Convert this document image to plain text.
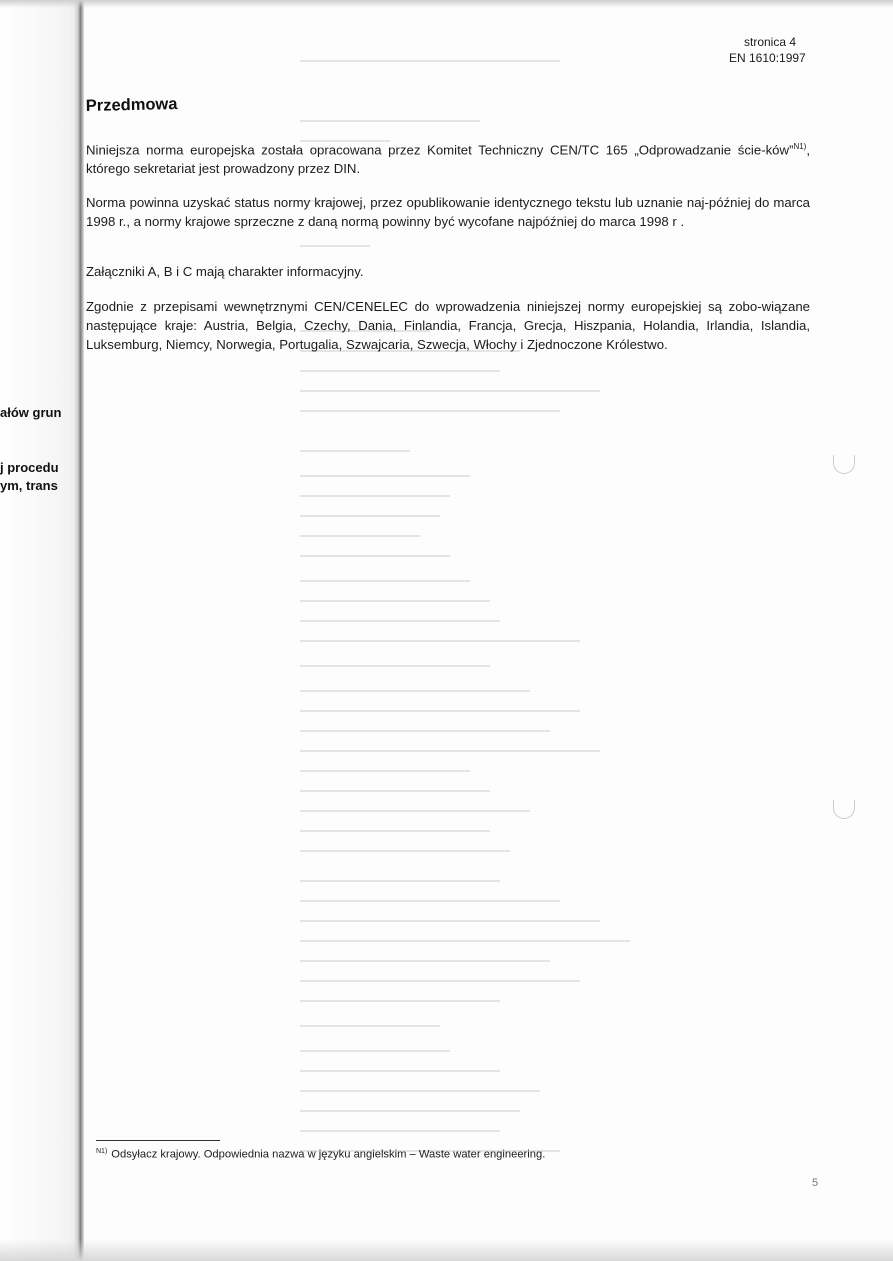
ałów grun
j procedu
ym, trans
stronica 4
EN 1610:1997
Przedmowa
Niniejsza norma europejska została opracowana przez Komitet Techniczny CEN/TC 165 „Odprowadzanie ście-ków”$^{N1)}$, którego sekretariat jest prowadzony przez DIN.
Norma powinna uzyskać status normy krajowej, przez opublikowanie identycznego tekstu lub uznanie naj-później do marca 1998 r., a normy krajowe sprzeczne z daną normą powinny być wycofane najpóźniej do marca 1998 r .
Załączniki A, B i C mają charakter informacyjny.
Zgodnie z przepisami wewnętrznymi CEN/CENELEC do wprowadzenia niniejszej normy europejskiej są zobo-wiązane następujące kraje: Austria, Belgia, Czechy, Dania, Finlandia, Francja, Grecja, Hiszpania, Holandia, Irlandia, Islandia, Luksemburg, Niemcy, Norwegia, Portugalia, Szwajcaria, Szwecja, Włochy i Zjednoczone Królestwo.
$^{N1)}$ Odsyłacz krajowy. Odpowiednia nazwa w języku angielskim – Waste water engineering.
5
